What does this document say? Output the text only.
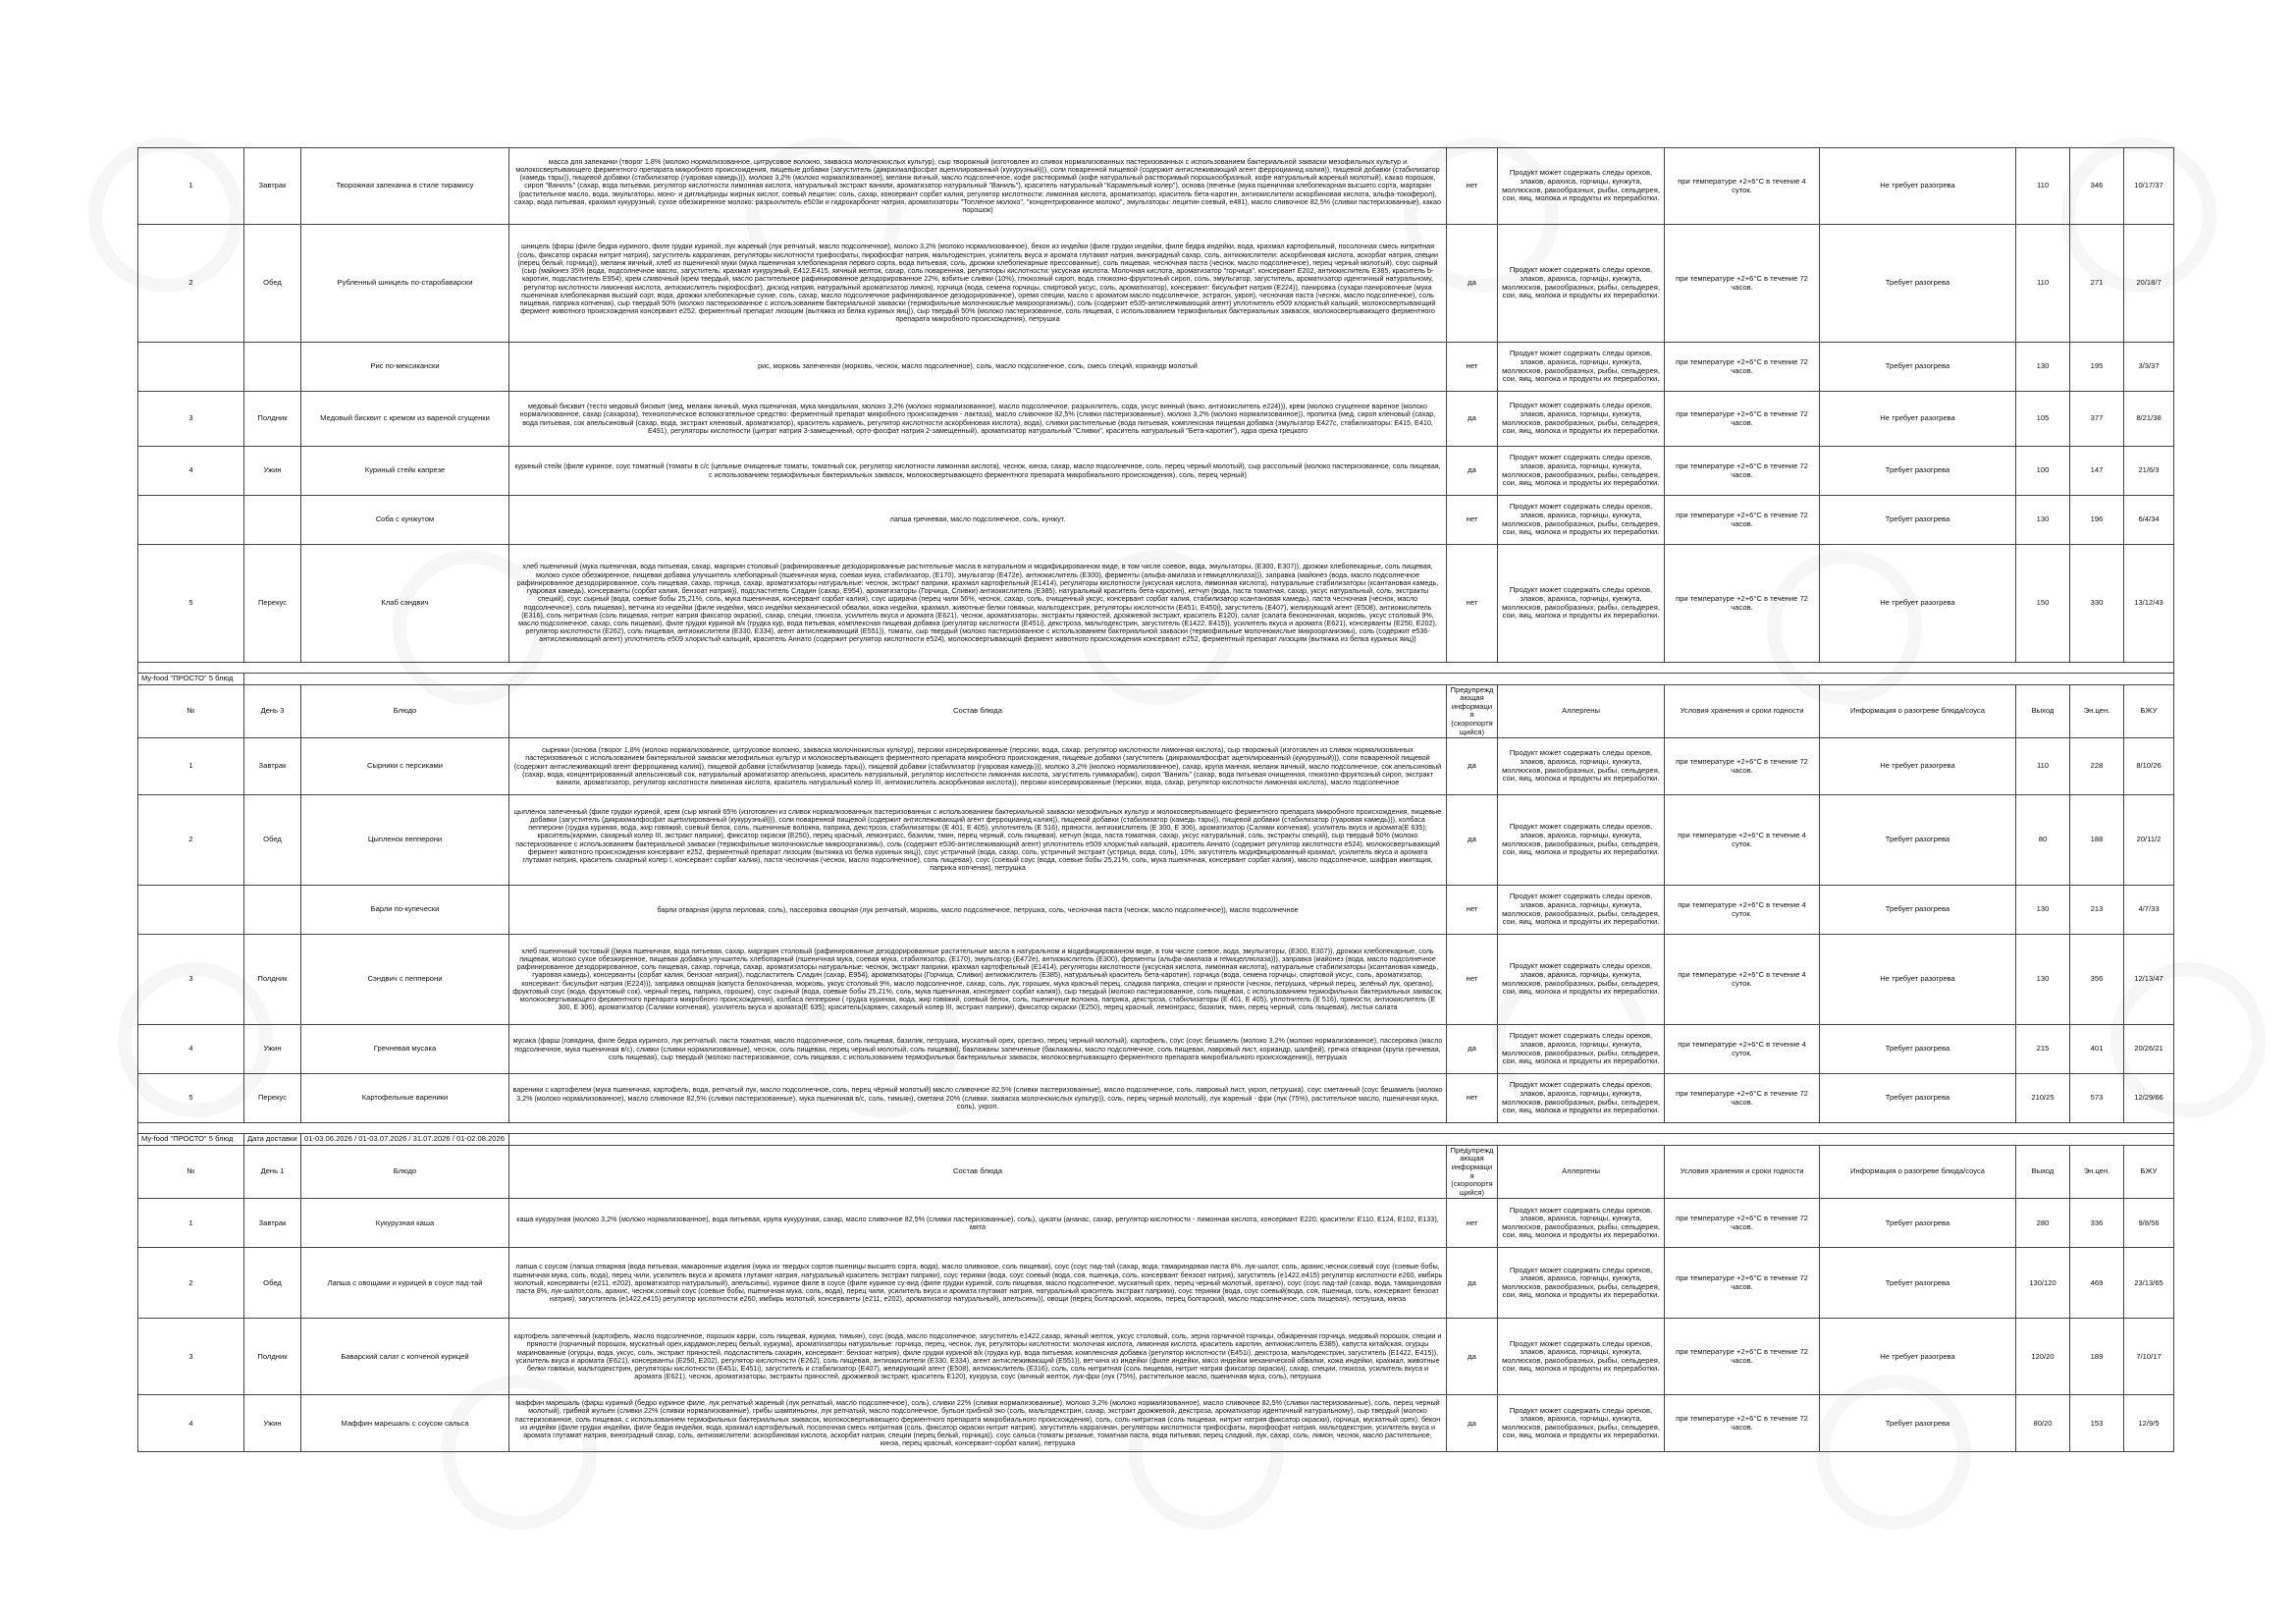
1	Завтрак	Творожная запеканка в стиле тирамису	масса для запеканки (творог 1,8% (молоко нормализованное, цитрусовое волокно, закваска молочнокислых культур), сыр творожный (изготовлен из сливок нормализованных пастеризованных с использованием бактериальной закваски мезофильных культур и молокосвертывающего ферментного препарата микробного происхождения, пищевые добавки (загуститель (дикрахмалфосфат ацетилированный (кукурузный))), соли поваренной пищевой (содержит антислеживающий агент ферроцианид калия)), пищевой добавки (стабилизатор (камедь тары)), пищевой добавки (стабилизатор (гуаровая камедь))), молоко 3,2% (молоко нормализованное), меланж яичный, масло подсолнечное, кофе растворимый (кофе натуральный растворимый порошкообразный, кофе натуральный жареный молотый), какао порошок, сироп "Ванилъ" (сахар, вода питьевая, регулятор кислотности лимонная кислота, натуральный экстракт ванили, ароматизатор натуральный "Ваниль"), краситель натуральный "Карамельный колер"), основа (печенье (мука пшеничная хлебопекарная высшего сорта, маргарин (растительное масло, вода, эмульгаторы, моно- и диглицериды жирных кислот, соевый лецитин: соль, сахар, консервант сорбат калия, регулятор кислотности: лимонная кислота, ароматизатор, краситель бета-каротин, антиокислители аскорбиновая кислота, альфа-токоферол), сахар, вода питьевая, крахмал кукурузный, сухое обезжиренное молоко: разрыхлитель е503и и гидрокарбонат натрия, ароматизаторы "Топленое молоко", "концентрированное молоко", эмульгаторы: лецитин соевый, е481), масло сливочное 82,5% (сливки пастеризованные), какао порошок)	нет	Продукт может содержать следы орехов, злаков, арахиса, горчицы, кунжута, моллюсков, ракообразных, рыбы, сельдерея, сои, яиц, молока и продукты их переработки.	при температуре +2+6°С в течение 4 суток.	Не требует разогрева	110	346	10/17/37
2	Обед	Рубленный шницель по-старобаварски	шницель (фарш (филе бедра куриного, филе грудки куриной, лук жареный (лук репчатый, масло подсолнечное), молоко 3,2% (молоко нормализованное), бекон из индейки (филе грудки индейки, филе бедра индейки, вода, крахмал картофельный, посолочная смесь нитритная (соль, фиксатор окраски нитрит натрия), загуститель каррагинан, регуляторы кислотности трифосфаты, пирофосфат натрия, мальтодекстрин, усилитель вкуса и аромата глутамат натрия, виноградный сахар, соль, антиокислители: аскорбиновая кислота, аскорбат натрия, специи (перец белый, горчица)), меланж яичный, хлеб из пшеничной муки (мука пшеничная хлебопекарная первого сорта, вода питьевая, соль, дрожжи хлебопекарные прессованные), соль пищевая, чесночная паста (чеснок, масло подсолнечное), перец черный молотый), соус сырный (сыр (майонез 35% (вода, подсолнечное масло, загуститель: крахмал кукурузный, Е412,Е415, яичный желток, сахар, соль поваренная, регуляторы кислотности: уксусная кислота. Молочная кислота, ароматизатор "горчица", консервант Е202, антиокислитель Е385, краситель b-каротин, подсластитель Е954), крем сливочный (крем твердый, масло растительное рафинированное дезодорированное 22%, взбитые сливки (10%), глюкозный сироп, вода, глюкозно-фруктозный сироп, соль, эмульгатор, загуститель, ароматизатор идентичный натуральному, регулятор кислотности лимонная кислота, антиокислитель пирофосфат), дискод натрия, натуральный ароматизатор лимон), горчица (вода, семена горчицы, спиртовой уксус, соль, ароматизатор), консервант: бисульфит натрия (Е224)), панировка (сухари панировочные (мука пшеничная хлебопекарная высший сорт, вода, дрожжи хлебопекарные сухие, соль, сахар, масло подсолнечное рафинированное дезодорированное), оремя специи, масло с ароматом масло подсолнечное, эстрагон, укроп), чесночная паста (чеснок, масло подсолнечное), соль пищевая, паприка копченая), сыр твердый 50% (молоко пастеризованное с использованием бактериальной закваски (термофильные молочнокислые микроорганизмы), соль (содержит e535-антислеживающий агент) уплотнитель e509 хлористый кальций, молокосвертывающий фермент животного происхождения консервант e252, ферментный препарат лизоцим (вытяжка из белка куриных яиц)), сыр твердый 50% (молоко пастеризованное, соль пищевая, с использованием термофильных бактериальных заквасок, молокосвертывающего ферментного препарата микробного происхождения), петрушка	да	Продукт может содержать следы орехов, злаков, арахиса, горчицы, кунжута, моллюсков, ракообразных, рыбы, сельдерея, сои, яиц, молока и продукты их переработки.	при температуре +2+6°С в течение 72 часов.	Требует разогрева	110	271	20/18/7
		Рис по-мексикански	рис, морковь запеченная (морковь, чеснок, масло подсолнечное), соль, масло подсолнечное, соль, смесь специй, кориандр молотый	нет	Продукт может содержать следы орехов, злаков, арахиса, горчицы, кунжута, моллюсков, ракообразных, рыбы, сельдерея, сои, яиц, молока и продукты их переработки.	при температуре +2+6°С в течение 72 часов.	Требует разогрева	130	195	3/3/37
3	Полдник	Медовый бисквит с кремом из вареной сгущенки	медовый бисквит (тесто медовый бисквит (мед, меланж яичный, мука пшеничная, мука миндальная, молоко 3,2% (молоко нормализованное), масло подсолнечное, разрыхлитель, сода, уксус винный (вино, антиокислитель е224))), крем (молоко сгущенное вареное (молоко нормализованное, сахар (сахароза), технологическое вспомогательное средство: ферментный препарат микробного происхождения - лактаза), масло сливочное 82,5% (сливки пастеризованные), молоко 3,2% (молоко нормализованное)), пропитка (мед, сироп кленовый (сахар, вода питьевая, сок апельсиновый (сахар, вода, экстракт кленовый, ароматизатор), краситель карамель, регулятор кислотности аскорбиновая кислота), вода), сливки растительные (вода питьевая, комплексная пищевая добавка (эмульгатор Е427с, стабилизаторы: Е415, Е410, Е491), регуляторы кислотности (цитрат натрия 3-замещенный, орто-фосфат натрия 2-замещенный), ароматизатор натуральный "Сливки", краситель натуральный "Бета-каротин"), ядра ореха грецкого	да	Продукт может содержать следы орехов, злаков, арахиса, горчицы, кунжута, моллюсков, ракообразных, рыбы, сельдерея, сои, яиц, молока и продукты их переработки.	при температуре +2+6°С в течение 72 часов.	Не требует разогрева	105	377	8/21/38
4	Ужин	Куриный стейк капрезе	куриный стейк (филе куриное, соус томатный (томаты в с/с (цельные очищенные томаты, томатный сок, регулятор кислотности лимонная кислота), чеснок, кинза, сахар, масло подсолнечное, соль, перец черный молотый), сыр рассольный (молоко пастеризованное, соль пищевая, с использованием термофильных бактериальных заквасок, молокосвертывающего ферментного препарата микробиального происхождения), соль, перец черный)	да	Продукт может содержать следы орехов, злаков, арахиса, горчицы, кунжута, моллюсков, ракообразных, рыбы, сельдерея, сои, яиц, молока и продукты их переработки.	при температуре +2+6°С в течение 72 часов.	Требует разогрева	100	147	21/6/3
		Соба с кунжутом	лапша гречневая, масло подсолнечное, соль, кунжут.	нет	Продукт может содержать следы орехов, злаков, арахиса, горчицы, кунжута, моллюсков, ракообразных, рыбы, сельдерея, сои, яиц, молока и продукты их переработки.	при температуре +2+6°С в течение 72 часов.	Требует разогрева	130	196	6/4/34
5	Перекус	Клаб сэндвич	хлеб пшеничный (мука пшеничная, вода питьевая, сахар, маргарин столовый (рафинированные дезодорированные растительные масла в натуральном и модифицированном виде, в том числе соевое, вода, эмульгаторы, (Е300, Е307)), дрожжи хлебопекарные, соль пищевая, молоко сухое обезжиренное, пищевая добавка улучшитель хлебопарный (пшеничная мука, соевая мука, стабилизатор, (Е170), эмульгатор (Е472е), антиокислитель (Е300), ферменты (альфа-амилаза и гемицеллюлаза))), заправка (майонез (вода, масло подсолнечное рафинированное дезодорированное, соль пищевая, сахар, горчица, сахар, ароматизаторы натуральные: чеснок, экстракт паприки, крахмал картофельный (Е1414), регуляторы кислотности (уксусная кислота, лимонная кислота), натуральные стабилизаторы (ксантановая камедь, гуаровая камедь), консерванты (сорбат калия, бензоат натрия)), подсластитель Сладин (сахар, Е954), ароматизаторы (Горчица, Сливки) антиокислитель (Е385), натуральный краситель бета-каротин), кетчуп (вода, паста томатная, сахар, уксус натуральный, соль, экстракты специй), соус сырный (вода, соевые бобы 25,21%, соль, мука пшеничная, консервант сорбат калия), соус шрирача (перец чили 56%, чеснок, сахар, соль, очищенный уксус, консервант сорбат калия, стабилизатор ксантановая камедь), паста чесночная (чеснок, масло подсолнечное), соль пищевая), ветчина из индейки (филе индейки, мясо индейки механической обвалки, кожа индейки, крахмал, животные белки говяжьи, мальтодекстрин, регуляторы кислотности (Е451i, Е450i), загуститель (Е407), желирующий агент (Е508), антиокислитель (Е316), соль нитритная (соль пищевая, нитрит натрия фиксатор окраски), сахар, специи, глюкоза, усилитель вкуса и аромата (Е621), чеснок, ароматизаторы, экстракты пряностей, дрожжевой экстракт, краситель Е120), салат (салата бекононачная, морковь, уксус столовый 9%, масло подсолнечное, сахар, соль пищевая), филе грудки куриной в/к (грудка кур, вода питьевая, комплексная пищевая добавка (регулятор кислотности (Е451i), декстроза, мальтодекстрин, загуститель (Е1422, Е415)), усилитель вкуса и аромата (Е621), консерванты (Е250, Е202), регулятор кислотности (Е262), соль пищевая, антиокислители (Е330, Е334), агент антислеживающий (Е551)), томаты, сыр твердый (молоко пастеризованное с использованием бактериальной закваски (термофильные молочнокислые микроорганизмы), соль (содержит е536-антислеживающий агент) уплотнитель е509 хлористый кальций, краситель Аннато (содержит регулятор кислотности е524), молокосвертывающий фермент животного происхождения консервант е252, ферментный препарат лизоцим (вытяжка из белка куриных яиц))	нет	Продукт может содержать следы орехов, злаков, арахиса, горчицы, кунжута, моллюсков, ракообразных, рыбы, сельдерея, сои, яиц, молока и продукты их переработки.	при температуре +2+6°С в течение 72 часов.	Не требует разогрева	150	330	13/12/43

My-food "ПРОСТО" 5 блюд										
№	День 3	Блюдо	Состав блюда	Предупреждающая информация (скоропортящийся)	Аллергены	Условия хранения и сроки годности	Информация о разогреве блюда/соуса	Выход	Эн.цен.	БЖУ
1	Завтрак	Сырники с персиками	сырники (основа (творог 1,8% (молоко нормализованное, цитрусовое волокно, закваска молочнокислых культур), персики консервированные (персики, вода, сахар, регулятор кислотности лимонная кислота), сыр творожный (изготовлен из сливок нормализованных пастеризованных с использованием бактериальной закваски мезофильных культур и молокосвертывающего ферментного препарата микробного происхождения, пищевые добавки (загуститель (дикрахмалфосфат ацетилированный (кукурузный))), соли поваренной пищевой (содержит антислеживающий агент ферроцианид калия)), пищевой добавки (стабилизатор (камедь тары)), пищевой добавки (стабилизатор (гуаровая камедь))), молоко 3,2% (молоко нормализованное), сахар, крупа манная, меланж яичный, масло подсолнечное, сок апельсиновый (сахар, вода, концентрированный апельсиновый сок, натуральный ароматизатор апельсина, краситель натуральный, регулятор кислотности лимонная кислота, загуститель гуммиарабик), сироп "Ваниль" (сахар, вода питьевая очищенная, глюкозно-фруктозный сироп, экстракт ванили, ароматизатор, регулятор кислотности лимонная кислота, краситель натуральный колер III, антиокислитель аскорбиновая кислота)), персики консервированные (персики, вода, сахар, регулятор кислотности лимонная кислота), масло подсолнечное	да	Продукт может содержать следы орехов, злаков, арахиса, горчицы, кунжута, моллюсков, ракообразных, рыбы, сельдерея, сои, яиц, молока и продукты их переработки.	при температуре +2+6°С в течение 72 часов.	Не требует разогрева	110	228	8/10/26
2	Обед	Цыпленок пепперони	цыпленок запеченный (филе грудки куриной, крем (сыр мягкий 65% (изготовлен из сливок нормализованных пастеризованных с использованием бактериальной закваски мезофильных культур и молокосвертывающего ферментного препарата микробного происхождения, пищевые добавки (загуститель (дикрахмалфосфат ацетилированный (кукурузный))), соли поваренной пищевой (содержит антислеживающий агент ферроцианид калия)), пищевой добавки (стабилизатор (камедь тары)), пищевой добавки (стабилизатор (гуаровая камедь))), колбаса пепперони (грудка куриная, вода, жир говяжий, соевый белок, соль, пшеничные волокна, паприка, декстроза, стабилизаторы (Е 401, Е 405), уплотнитель (Е 516), пряности, антиокислитель (Е 300, Е 306), ароматизатор (Салями копченая), усилитель вкуса и аромата(Е 635); краситель(кармин, сахарный колер III, экстракт паприки), фиксатор окраски (Е250), перец красный, лемонграсс, базилик, тмин, перец черный, соль пищевая), кетчуп (вода, паста томатная, сахар, уксус натуральный, соль, экстракты специй), сыр твердый 50% (молоко пастеризованное с использованием бактериальной закваски (термофильные молочнокислые микроорганизмы), соль (содержит е536-антислеживающий агент) уплотнитель е509 хлористый кальций, краситель Аннато (содержит регулятор кислотности е524), молокосвертывающий фермент животного происхождения консервант е252, ферментный препарат лизоцим (вытяжка из белка куриных яиц)), соус устричный (вода, сахар, соль, устричный экстракт (устрица, вода, соль), 10%, загуститель модифицированный крахмал, усилитель вкуса и аромата глутамат натрия, краситель сахарный колер I, консервант сорбат калия), паста чесночная (чеснок, масло подсолнечное), соль пищевая), соус (соевый соус (вода, соевые бобы 25,21%, соль, мука пшеничная, консервант сорбат калия), масло подсолнечное, шафран имитация, паприка копченая), петрушка	да	Продукт может содержать следы орехов, злаков, арахиса, горчицы, кунжута, моллюсков, ракообразных, рыбы, сельдерея, сои, яиц, молока и продукты их переработки.	при температуре +2+6°С в течение 4 суток.	Требует разогрева	80	188	20/11/2
		Барли по-купечески	барли отварная (крупа перловая, соль), пассеровка овощная (лук репчатый, морковь, масло подсолнечное, петрушка, соль, чесночная паста (чеснок, масло подсолнечное)), масло подсолнечное	нет	Продукт может содержать следы орехов, злаков, арахиса, горчицы, кунжута, моллюсков, ракообразных, рыбы, сельдерея, сои, яиц, молока и продукты их переработки.	при температуре +2+6°С в течение 4 суток.	Требует разогрева	130	213	4/7/33
3	Полдник	Сэндвич с пепперони	хлеб пшеничный тостовый ((мука пшеничная, вода питьевая, сахар, маргарин столовый (рафинированные дезодорированные растительные масла в натуральном и модифицированном виде, в том числе соевое, вода, эмульгаторы, (Е300, Е307)), дрожжи хлебопекарные, соль пищевая, молоко сухое обезжиренное, пищевая добавка улучшитель хлебопарный (пшеничная мука, соевая мука, стабилизатор, (Е170), эмульгатор (Е472е), антиокислитель (Е300), ферменты (альфа-амилаза и гемицеллюлаза))), заправка (майонез (вода, масло подсолнечное рафинированное дезодорированное, соль пищевая, сахар, горчица, сахар, ароматизаторы натуральные: чеснок, экстракт паприки, крахмал картофельный (Е1414), регуляторы кислотности (уксусная кислота, лимонная кислота), натуральные стабилизаторы (ксантановая камедь, гуаровая камедь), консерванты (сорбат калия, бензоат натрия)), подсластитель Сладин (сахар, Е954), ароматизаторы (Горчица, Сливки) антиокислитель (Е385), натуральный краситель бета-каротин), горчица (вода, семена горчицы, спиртовой уксус, соль, ароматизатор, консервант: бисульфит натрия (Е224))), заправка овощная (капуста белокочанная, морковь, уксус столовый 9%, масло подсолнечное, сахар, соль, лук, горошек, мука красный перец, сладкая паприка, специи и пряности (чеснок, петрушка, чёрный перец, зелёный лук, орегано), фруктовый соус (вода, фруктовый сок), черный перец, паприка, горошек), соус сырный (вода, соевые бобы 25,21%, соль, мука пшеничная, консервант сорбат калия)), сыр твердый (молоко пастеризованное, соль пищевая, с использованием термофильных бактериальных заквасок, молокосвертывающего ферментного препарата микробного происхождения), колбаса пепперони ( грудка куриная, вода, жир говяжий, соевый белок, соль, пшеничные волокна, паприка, декстроза, стабилизаторы (Е 401, Е 405), уплотнитель (Е 516), пряности, антиокислитель (Е 300, Е 306), ароматизатор (Салями копченая), усилитель вкуса и аромата(Е 635); краситель(кармин, сахарный колер III, экстракт паприки), фиксатор окраски (Е250), перец красный, лемонграсс, базилик, тмин, перец черный, соль пищевая), листья салата	нет	Продукт может содержать следы орехов, злаков, арахиса, горчицы, кунжута, моллюсков, ракообразных, рыбы, сельдерея, сои, яиц, молока и продукты их переработки.	при температуре +2+6°С в течение 4 суток.	Не требует разогрева	130	356	12/13/47
4	Ужин	Гречневая мусака	мусака (фарш (говядина, филе бедра куриного, лук репчатый, паста томатная, масло подсолнечное, соль пищевая, базилик, петрушка, мускатный орех, орегано, перец черный молотый), картофель, соус (соус бешамель (молоко 3,2% (молоко нормализованное), пассеровка (масло подсолнечное, мука пшеничная в/с), сливки (сливки нормализованные), чеснок, соль пищевая, перец черный молотый, соль пищевая), баклажаны запеченные (баклажаны, масло подсолнечное, соль пищевая, лавровый лист, кориандр, шалфей), гречка отварная (крупа гречневая, соль пищевая), сыр твердый (молоко пастеризованное, соль пищевая, с использованием термофильных бактериальных заквасок, молокосвертывающего ферментного препарата микробиального происхождения)), петрушка	да	Продукт может содержать следы орехов, злаков, арахиса, горчицы, кунжута, моллюсков, ракообразных, рыбы, сельдерея, сои, яиц, молока и продукты их переработки.	при температуре +2+6°С в течение 4 суток.	Требует разогрева	215	401	20/26/21
5	Перекус	Картофельные вареники	вареники с картофелем (мука пшеничная, картофель, вода, репчатый лук, масло подсолнечное, соль, перец чёрный молотый) масло сливочное 82,5% (сливки пастеризованные), масло подсолнечное, соль, лавровый лист, укроп, петрушка), соус сметанный (соус бешамель (молоко 3,2% (молоко нормализованное), масло сливочное 82,5% (сливки пастеризованные), мука пшеничная в/с, соль, тимьян), сметана 20% (сливки, закваска молочнокислых культур)), соль, перец черный молотый), лук жареный - фри (лук (75%), растительное масло, пшеничная мука, соль), укроп.	нет	Продукт может содержать следы орехов, злаков, арахиса, горчицы, кунжута, моллюсков, ракообразных, рыбы, сельдерея, сои, яиц, молока и продукты их переработки.	при температуре +2+6°С в течение 72 часов.	Требует разогрева	210/25	573	12/29/66

My-food "ПРОСТО" 5 блюд	Дата доставки	01-03.06.2026 / 01-03.07.2026 / 31.07.2026 / 01-02.08.2026								
№	День 1	Блюдо	Состав блюда	Предупреждающая информация (скоропортящийся)	Аллергены	Условия хранения и сроки годности	Информация о разогреве блюда/соуса	Выход	Эн.цен.	БЖУ
1	Завтрак	Кукурузная каша	каша кукурузная (молоко 3,2% (молоко нормализованное), вода питьевая, крупа кукурузная, сахар, масло сливочное 82,5% (сливки пастеризованные), соль), цукаты (ананас, сахар, регулятор кислотности - лимонная кислота, консервант Е220, красители: Е110, Е124, Е102, Е133), мята	нет	Продукт может содержать следы орехов, злаков, арахиса, горчицы, кунжута, моллюсков, ракообразных, рыбы, сельдерея, сои, яиц, молока и продукты их переработки.	при температуре +2+6°С в течение 72 часов.	Требует разогрева	280	336	9/8/56
2	Обед	Лапша с овощами и курицей в соусе пад-тай	лапша с соусом (лапша отварная (вода питьевая, макаронные изделия (мука их твердых сортов пшеницы высшего сорта, вода), масло оливковое, соль пищевая), соус (соус пад-тай (сахар, вода, тамариндовая паста 8%, лук-шалот, соль, арахис,чеснок,соевый соус (соевые бобы, пшеничная мука, соль, вода), перец чили, усилитель вкуса и аромата глутамат натрия, натуральный краситель экстракт паприки), соус терияки (вода, соус соевый (вода, соя, пшеница, соль, консервант бензоат натрия), загуститель (е1422,е415) регулятор кислотности е260, имбирь молотый, консерванты (е211, е202), ароматизатор натуральный), апельсины), куриное филе в соусе (филе куриное су-вид (филе грудки куриной, соль пищевая, масло подсолнечное, мускатный орех, перец черный молотый, орегано), соус (соус пад-тай (сахар, вода, тамариндовая паста 8%, лук-шалот,соль, арахис, чеснок,соевый соус (соевые бобы, пшеничная мука, соль, вода), перец чили, усилитель вкуса и аромата глутамат натрия, натуральный краситель экстракт паприки), соус терияки (вода, соус соевый(вода, соя, пшеница, соль, консервант бензоат натрия), загуститель (е1422,е415) регулятор кислотности е260, имбирь молотый, консерванты (е211, е202), ароматизатор натуральный), апельсины)), овощи (перец болгарский, морковь, перец болгарский, масло подсолнечное, соль пищевая), петрушка, кинза	да	Продукт может содержать следы орехов, злаков, арахиса, горчицы, кунжута, моллюсков, ракообразных, рыбы, сельдерея, сои, яиц, молока и продукты их переработки.	при температуре +2+6°С в течение 72 часов.	Требует разогрева	130/120	469	23/13/65
3	Полдник	Баварский салат с копченой курицей	картофель запеченный (картофель, масло подсолнечное, порошок карри, соль пищевая, куркума, тимьян), соус (вода, масло подсолнечное, загуститель е1422,сахар, яичный желток, уксус столовый, соль, зерна горчичной горчицы, обжаренная горчица, медовый порошок, специи и пряности (горчичный порошок, мускатный орех,кардамон,перец белый, куркума), ароматизаторы натуральные: горчица, перец, чеснок, лук, регуляторы кислотности: молочная кислота, лимонная кислота, краситель каротин, антиокислитель Е385), капуста китайская, огурцы маринованные (огурцы, вода, уксус, соль, экстракт пряностей, подсластитель сахарин, консервант: бензоат натрия), филе грудки куриной в/к (грудка кур, вода питьевая, комплексная добавка (регулятор кислотности (Е451i), декстроза, мальтодекстрин, загуститель (Е1422, Е415)), усилитель вкуса и аромата (Е621), консерванты (Е250, Е202), регулятор кислотности (Е262), соль пищевая, антиокислители (Е330, Е334), агент антислеживающий (Е551)), ветчина из индейки (филе индейки, мясо индейки механической обвалки, кожа индейки, крахмал, животные белки говяжьи, мальтодекстрин, регуляторы кислотности (Е451i, Е451i), загуститель и стабилизатор (Е407), желирующий агент (Е508), антиокислитель (Е316), соль, соль нитритная (соль пищевая, нитрит натрия фиксатор окраски), сахар, специи, глюкоза, усилитель вкуса и аромата (Е621), чеснок, ароматизаторы, экстракты пряностей, дрожжевой экстракт, краситель Е120), кукуруза, соус (яичный желток, лук-фри (лук (75%), растительное масло, пшеничная мука, соль), петрушка	да	Продукт может содержать следы орехов, злаков, арахиса, горчицы, кунжута, моллюсков, ракообразных, рыбы, сельдерея, сои, яиц, молока и продукты их переработки.	при температуре +2+6°С в течение 72 часов.	Не требует разогрева	120/20	189	7/10/17
4	Ужин	Маффин марешаль с соусом сальса	маффин марешаль (фарш куриный (бедро куриное филе, лук репчатый жареный (лук репчатый, масло подсолнечное), соль), сливки 22% (сливки нормализованные), молоко 3,2% (молоко нормализованное), масло сливочное 82,5% (сливки пастеризованные), соль, перец черный молотый), грибной жульен (сливки 22% (сливки нормализованные), грибы шампиньоны, лук репчатый, масло подсолнечное, бульон грибной эко (соль, мальтодекстрин, сахар, экстракт дрожжевой, декстроза, ароматизатор идентичный натуральному), сыр твердый (молоко пастеризованное, соль пищевая, с использованием термофильных бактериальных заквасок, молокосвертывающего ферментного препарата микробиального происхождения), соль, соль нитритная (соль пищевая, нитрит натрия фиксатор окраски), горчица, мускатный орех), бекон из индейки (филе грудки индейки, филе бедра индейки, вода, крахмал картофельный, посолочная смесь нитритная (соль, фиксатор окраски нитрит натрия), загуститель каррагинан, регуляторы кислотности трифосфаты, пирофосфат натрия, мальтодекстрин, усилитель вкуса и аромата глутамат натрия, виноградный сахар, соль, антиокислители: аскорбиновая кислота, аскорбат натрия, специи (перец белый, горчица)), соус сальса (томаты резаные, томатная паста, вода питьевая, перец сладкий, лук, сахар, соль, лимон, чеснок, масло растительное, кинза, перец красный, консервант-сорбат калия), петрушка	да	Продукт может содержать следы орехов, злаков, арахиса, горчицы, кунжута, моллюсков, ракообразных, рыбы, сельдерея, сои, яиц, молока и продукты их переработки.	при температуре +2+6°С в течение 72 часов.	Требует разогрева	80/20	153	12/9/5
